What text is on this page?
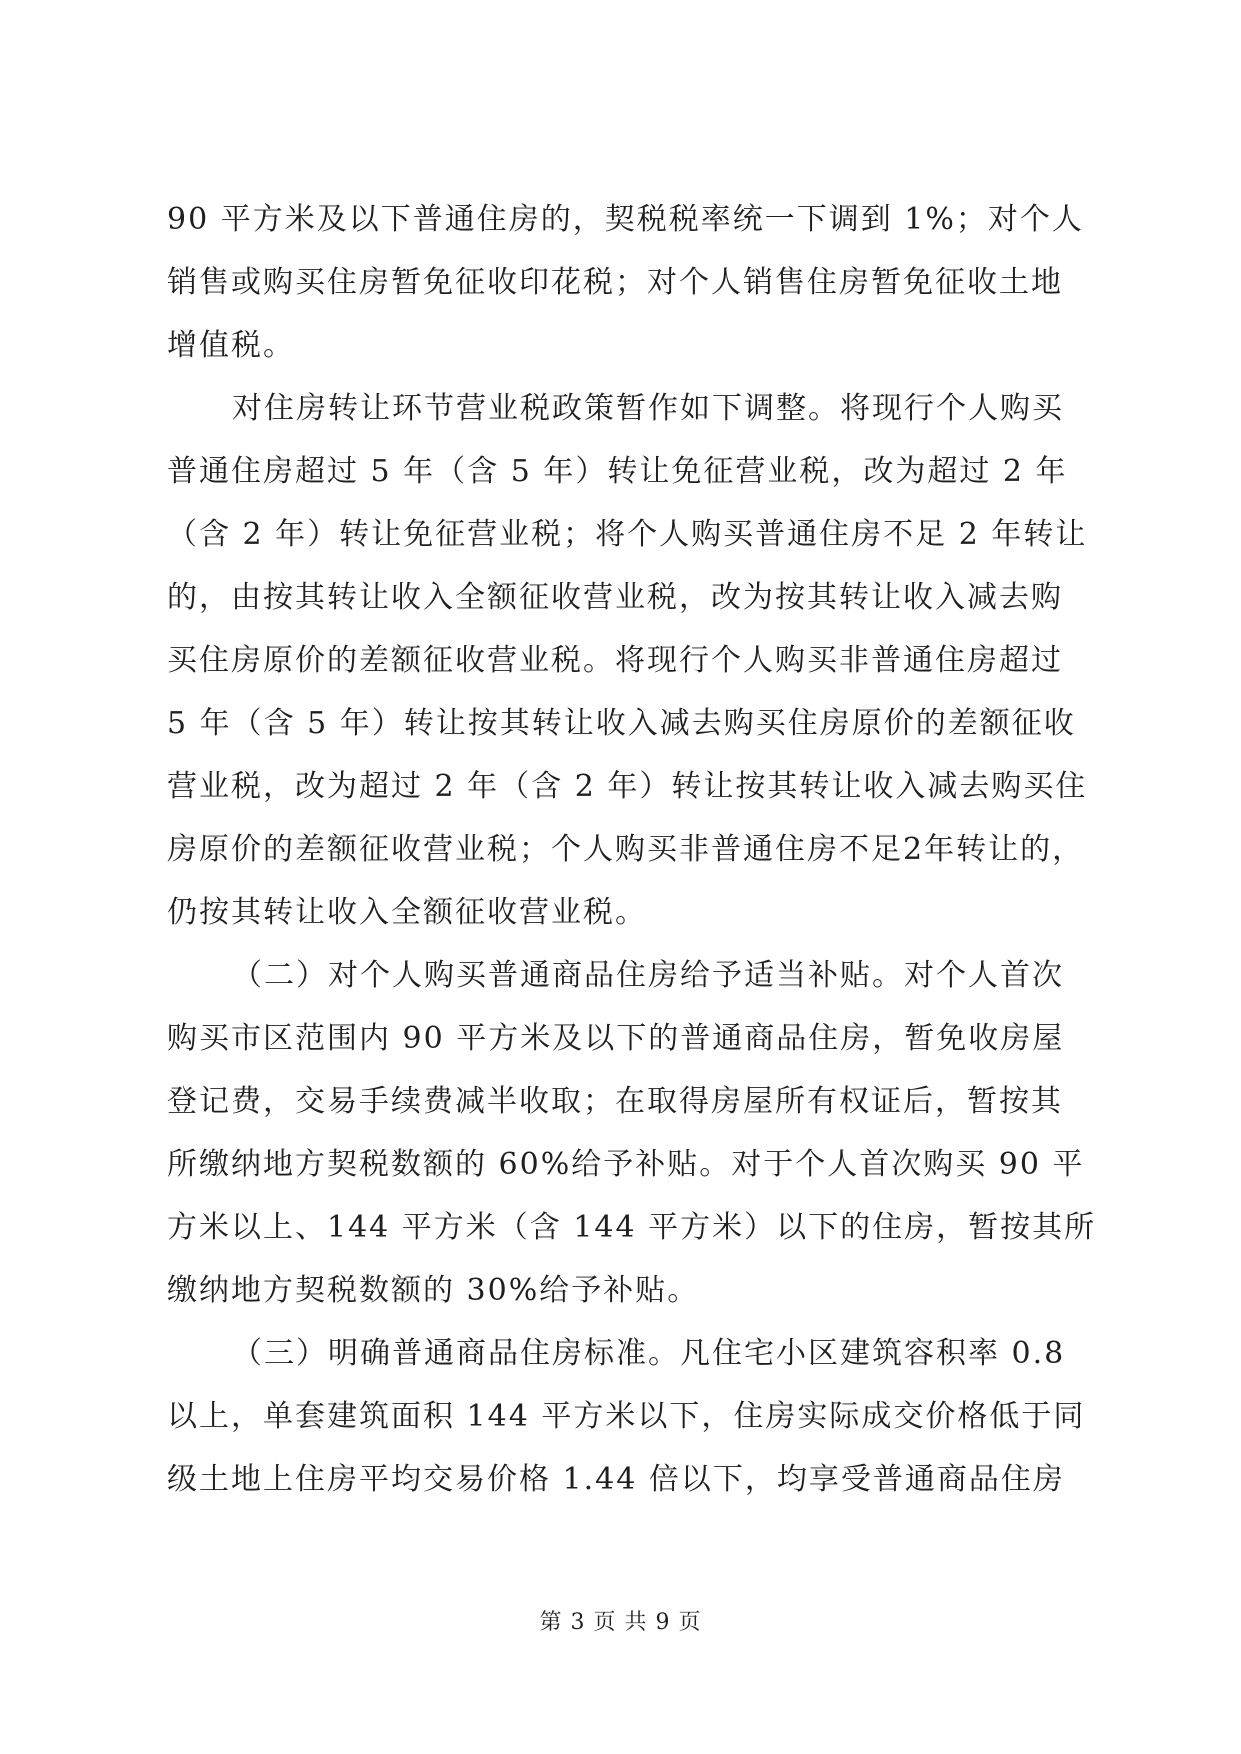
90 平方米及以下普通住房的，契税税率统一下调到 1%；对个人
销售或购买住房暂免征收印花税；对个人销售住房暂免征收土地
增值税。
对住房转让环节营业税政策暂作如下调整。将现行个人购买
普通住房超过 5 年（含 5 年）转让免征营业税，改为超过 2 年
（含 2 年）转让免征营业税；将个人购买普通住房不足 2 年转让
的，由按其转让收入全额征收营业税，改为按其转让收入减去购
买住房原价的差额征收营业税。将现行个人购买非普通住房超过
5 年（含 5 年）转让按其转让收入减去购买住房原价的差额征收
营业税，改为超过 2 年（含 2 年）转让按其转让收入减去购买住
房原价的差额征收营业税；个人购买非普通住房不足2年转让的，
仍按其转让收入全额征收营业税。
（二）对个人购买普通商品住房给予适当补贴。对个人首次
购买市区范围内 90 平方米及以下的普通商品住房，暂免收房屋
登记费，交易手续费减半收取；在取得房屋所有权证后，暂按其
所缴纳地方契税数额的 60%给予补贴。对于个人首次购买 90 平
方米以上、144 平方米（含 144 平方米）以下的住房，暂按其所
缴纳地方契税数额的 30%给予补贴。
（三）明确普通商品住房标准。凡住宅小区建筑容积率 0.8
以上，单套建筑面积 144 平方米以下，住房实际成交价格低于同
级土地上住房平均交易价格 1.44 倍以下，均享受普通商品住房
第 3 页 共 9 页
